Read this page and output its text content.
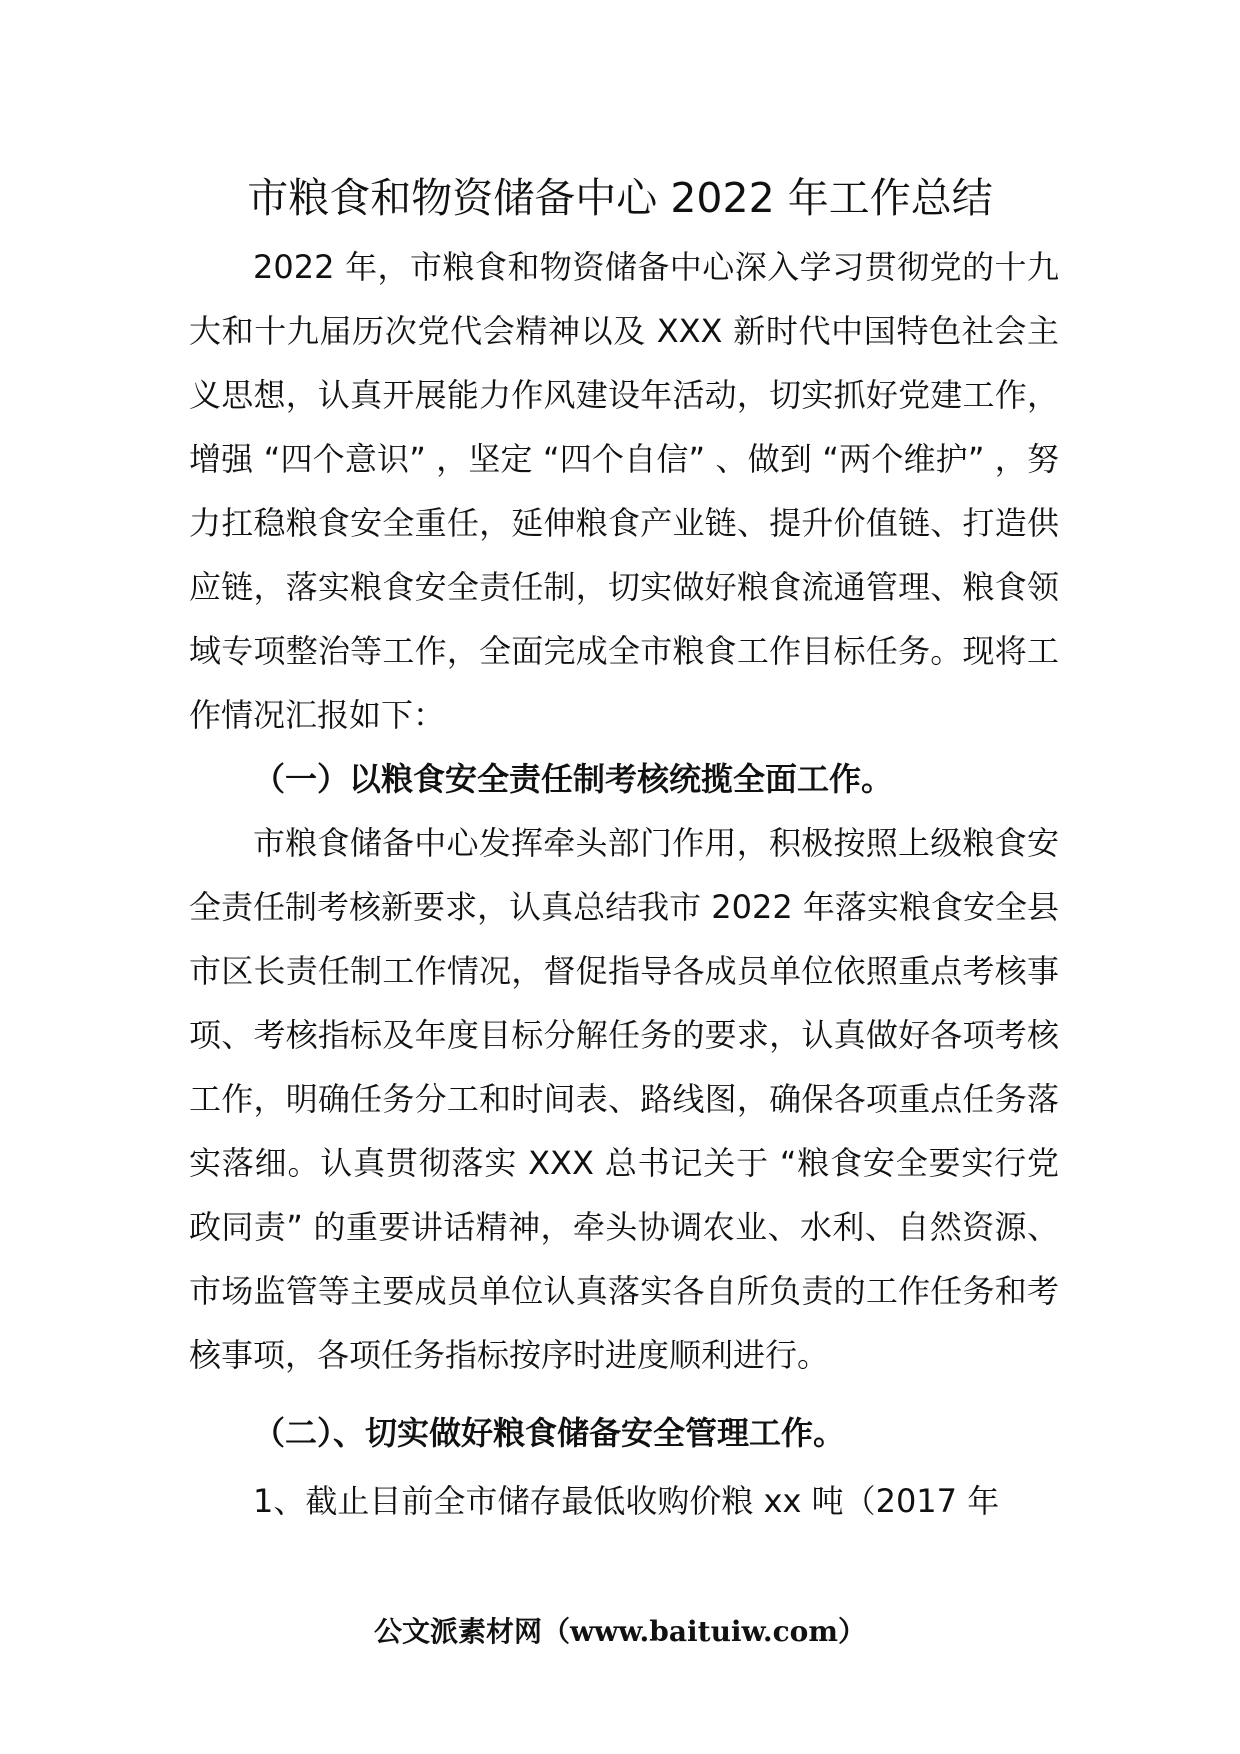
市粮食和物资储备中心 2022 年工作总结

2022 年，市粮食和物资储备中心深入学习贯彻党的十九大和十九届历次党代会精神以及 XXX 新时代中国特色社会主义思想，认真开展能力作风建设年活动，切实抓好党建工作，增强 “四个意识” ，坚定 “四个自信” 、做到 “两个维护” ，努力扛稳粮食安全重任，延伸粮食产业链、提升价值链、打造供应链，落实粮食安全责任制，切实做好粮食流通管理、粮食领域专项整治等工作，全面完成全市粮食工作目标任务。现将工作情况汇报如下：

（一）以粮食安全责任制考核统揽全面工作。

市粮食储备中心发挥牵头部门作用，积极按照上级粮食安全责任制考核新要求，认真总结我市 2022 年落实粮食安全县市区长责任制工作情况，督促指导各成员单位依照重点考核事项、考核指标及年度目标分解任务的要求，认真做好各项考核工作，明确任务分工和时间表、路线图，确保各项重点任务落实落细。认真贯彻落实 XXX 总书记关于 “粮食安全要实行党政同责” 的重要讲话精神，牵头协调农业、水利、自然资源、市场监管等主要成员单位认真落实各自所负责的工作任务和考核事项，各项任务指标按序时进度顺利进行。

（二）、切实做好粮食储备安全管理工作。

1、截止目前全市储存最低收购价粮 xx 吨（2017 年

公文派素材网（www.baituiw.com）
